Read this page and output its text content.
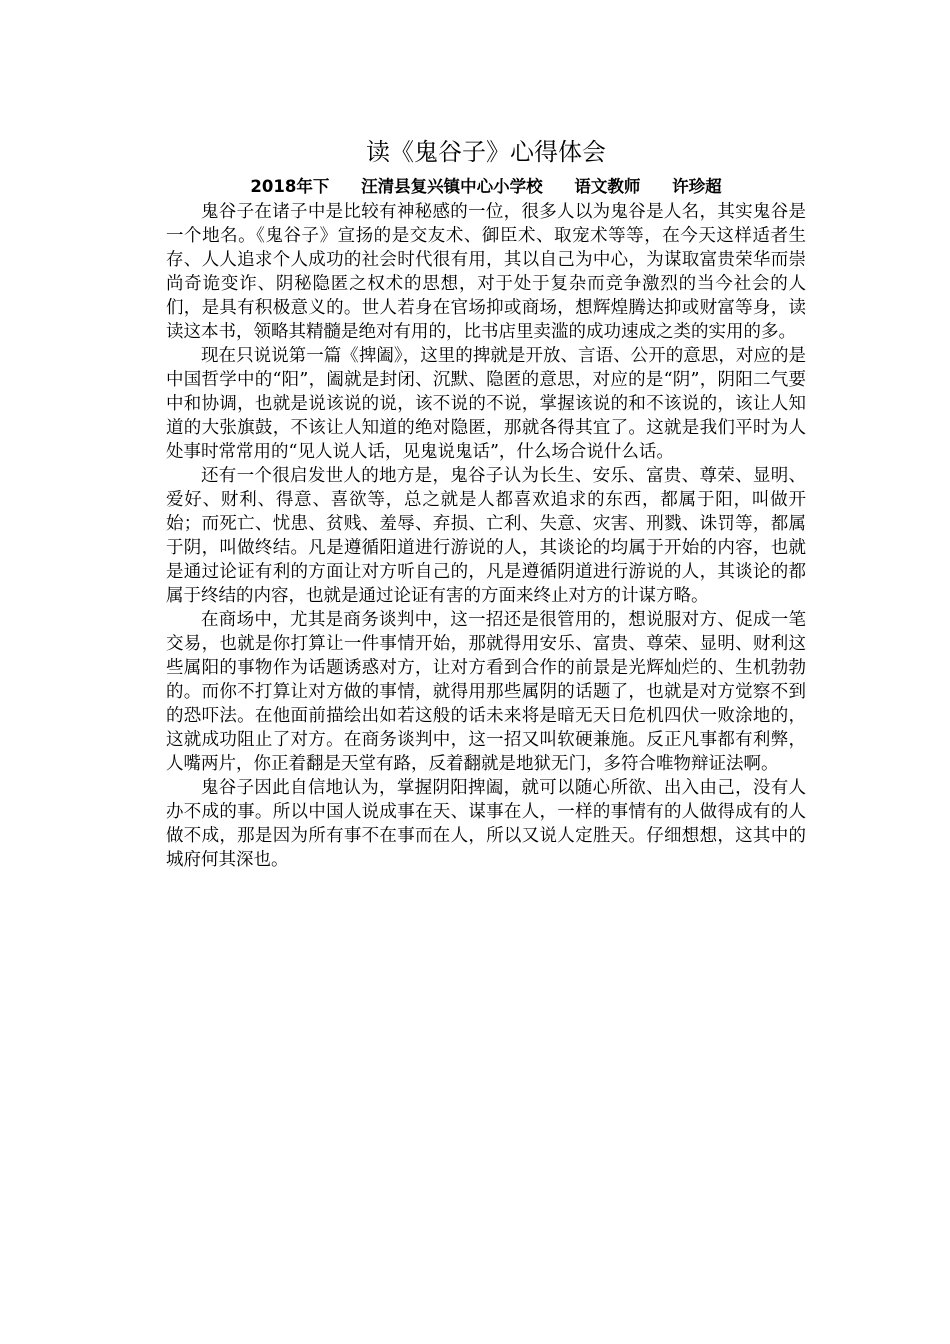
读《鬼谷子》心得体会
2018年下 汪清县复兴镇中心小学校 语文教师 许珍超

鬼谷子在诸子中是比较有神秘感的一位，很多人以为鬼谷是人名，其实鬼谷是一个地名。《鬼谷子》宣扬的是交友术、御臣术、取宠术等等，在今天这样适者生存、人人追求个人成功的社会时代很有用，其以自己为中心，为谋取富贵荣华而崇尚奇诡变诈、阴秘隐匿之权术的思想，对于处于复杂而竞争激烈的当今社会的人们，是具有积极意义的。世人若身在官场抑或商场，想辉煌腾达抑或财富等身，读读这本书，领略其精髓是绝对有用的，比书店里卖滥的成功速成之类的实用的多。

现在只说说第一篇《捭阖》，这里的捭就是开放、言语、公开的意思，对应的是中国哲学中的“阳”，阖就是封闭、沉默、隐匿的意思，对应的是“阴”，阴阳二气要中和协调，也就是说该说的说，该不说的不说，掌握该说的和不该说的，该让人知道的大张旗鼓，不该让人知道的绝对隐匿，那就各得其宜了。这就是我们平时为人处事时常常用的“见人说人话，见鬼说鬼话”，什么场合说什么话。

还有一个很启发世人的地方是，鬼谷子认为长生、安乐、富贵、尊荣、显明、爱好、财利、得意、喜欲等，总之就是人都喜欢追求的东西，都属于阳，叫做开始；而死亡、忧患、贫贱、羞辱、弃损、亡利、失意、灾害、刑戮、诛罚等，都属于阴，叫做终结。凡是遵循阳道进行游说的人，其谈论的均属于开始的内容，也就是通过论证有利的方面让对方听自己的，凡是遵循阴道进行游说的人，其谈论的都属于终结的内容，也就是通过论证有害的方面来终止对方的计谋方略。

在商场中，尤其是商务谈判中，这一招还是很管用的，想说服对方、促成一笔交易，也就是你打算让一件事情开始，那就得用安乐、富贵、尊荣、显明、财利这些属阳的事物作为话题诱惑对方，让对方看到合作的前景是光辉灿烂的、生机勃勃的。而你不打算让对方做的事情，就得用那些属阴的话题了，也就是对方觉察不到的恐吓法。在他面前描绘出如若这般的话未来将是暗无天日危机四伏一败涂地的，这就成功阻止了对方。在商务谈判中，这一招又叫软硬兼施。反正凡事都有利弊，人嘴两片，你正着翻是天堂有路，反着翻就是地狱无门，多符合唯物辩证法啊。

鬼谷子因此自信地认为，掌握阴阳捭阖，就可以随心所欲、出入由己，没有人办不成的事。所以中国人说成事在天、谋事在人，一样的事情有的人做得成有的人做不成，那是因为所有事不在事而在人，所以又说人定胜天。仔细想想，这其中的城府何其深也。
